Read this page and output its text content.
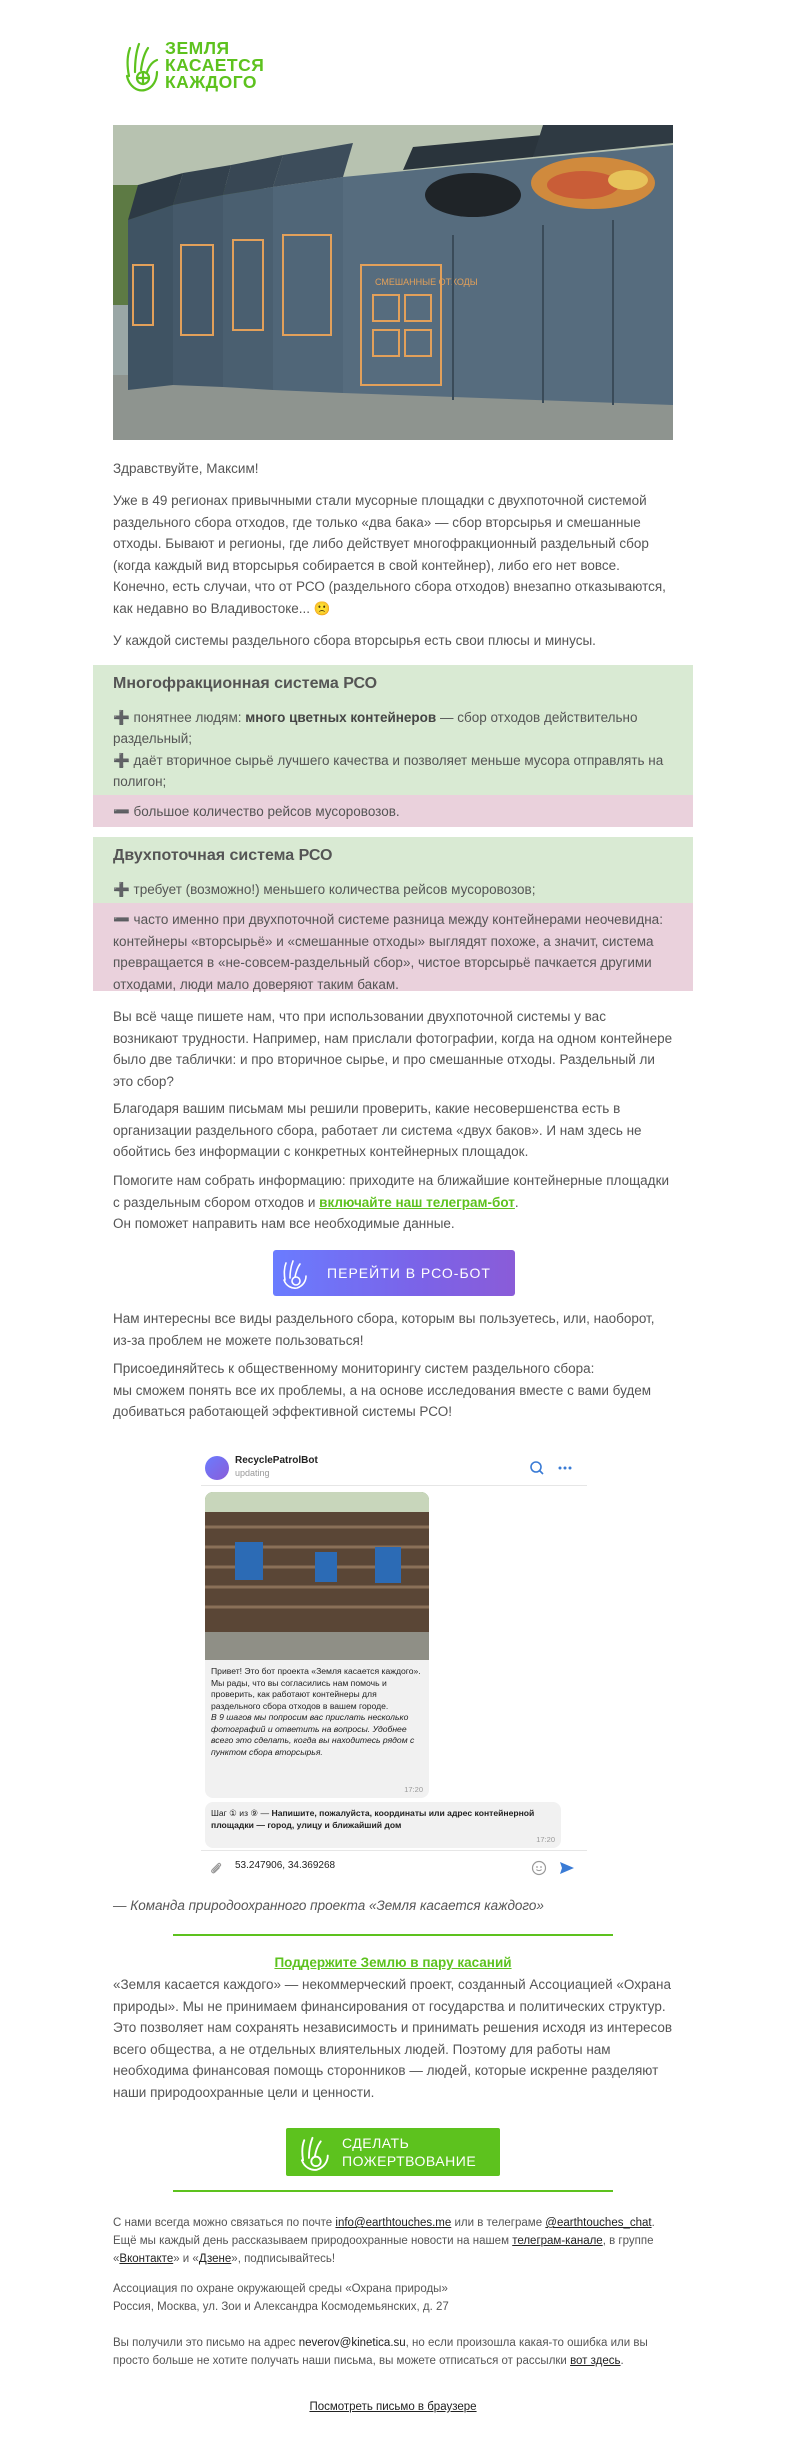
ЗЕМЛЯ
КАСАЕТСЯ
КАЖДОГО
СМЕШАННЫЕ ОТХОДЫ
Здравствуйте, Максим!
Уже в 49 регионах привычными стали мусорные площадки с двухпоточной системой раздельного сбора отходов, где только «два бака» — сбор вторсырья и смешанные отходы. Бывают и регионы, где либо действует многофракционный раздельный сбор (когда каждый вид вторсырья собирается в свой контейнер), либо его нет вовсе. Конечно, есть случаи, что от РСО (раздельного сбора отходов) внезапно отказываются, как недавно во Владивостоке... 🙁
У каждой системы раздельного сбора вторсырья есть свои плюсы и минусы.
Многофракционная система РСО
➕ понятнее людям: много цветных контейнеров — сбор отходов действительно раздельный;
➕ даёт вторичное сырьё лучшего качества и позволяет меньше мусора отправлять на полигон;
➖ большое количество рейсов мусоровозов.
Двухпоточная система РСО
➕ требует (возможно!) меньшего количества рейсов мусоровозов;
➖ часто именно при двухпоточной системе разница между контейнерами неочевидна: контейнеры «вторсырьё» и «смешанные отходы» выглядят похоже, а значит, система превращается в «не-совсем-раздельный сбор», чистое вторсырьё пачкается другими отходами, люди мало доверяют таким бакам.
Вы всё чаще пишете нам, что при использовании двухпоточной системы у вас возникают трудности. Например, нам прислали фотографии, когда на одном контейнере было две таблички: и про вторичное сырье, и про смешанные отходы. Раздельный ли это сбор?
Благодаря вашим письмам мы решили проверить, какие несовершенства есть в организации раздельного сбора, работает ли система «двух баков». И нам здесь не обойтись без информации с конкретных контейнерных площадок.
Помогите нам собрать информацию: приходите на ближайшие контейнерные площадки с раздельным сбором отходов и включайте наш телеграм-бот.
Он поможет направить нам все необходимые данные.
ПЕРЕЙТИ В РСО-БОТ
Нам интересны все виды раздельного сбора, которым вы пользуетесь, или, наоборот, из-за проблем не можете пользоваться!
Присоединяйтесь к общественному мониторингу систем раздельного сбора:
мы сможем понять все их проблемы, а на основе исследования вместе с вами будем добиваться работающей эффективной системы РСО!
RecyclePatrolBot
updating
Привет! Это бот проекта «Земля касается каждого». Мы рады, что вы согласились нам помочь и проверить, как работают контейнеры для раздельного сбора отходов в вашем городе.
В 9 шагов мы попросим вас прислать несколько фотографий и ответить на вопросы. Удобнее всего это сделать, когда вы находитесь рядом с пунктом сбора вторсырья.
17:20
Шаг ① из ⑨ — Напишите, пожалуйста, координаты или адрес контейнерной площадки — город, улицу и ближайший дом
17:20
53.247906, 34.369268
— Команда природоохранного проекта «Земля касается каждого»
Поддержите Землю в пару касаний
«Земля касается каждого» — некоммерческий проект, созданный Ассоциацией «Охрана природы». Мы не принимаем финансирования от государства и политических структур. Это позволяет нам сохранять независимость и принимать решения исходя из интересов всего общества, а не отдельных влиятельных людей. Поэтому для работы нам необходима финансовая помощь сторонников — людей, которые искренне разделяют наши природоохранные цели и ценности.
СДЕЛАТЬ
ПОЖЕРТВОВАНИЕ
С нами всегда можно связаться по почте info@earthtouches.me или в телеграме @earthtouches_chat. Ещё мы каждый день рассказываем природоохранные новости на нашем телеграм-канале, в группе «Вконтакте» и «Дзене», подписывайтесь!
Ассоциация по охране окружающей среды «Охрана природы»
Россия, Москва, ул. Зои и Александра Космодемьянских, д. 27
Вы получили это письмо на адрес neverov@kinetica.su, но если произошла какая-то ошибка или вы просто больше не хотите получать наши письма, вы можете отписаться от рассылки вот здесь.
Посмотреть письмо в браузере
